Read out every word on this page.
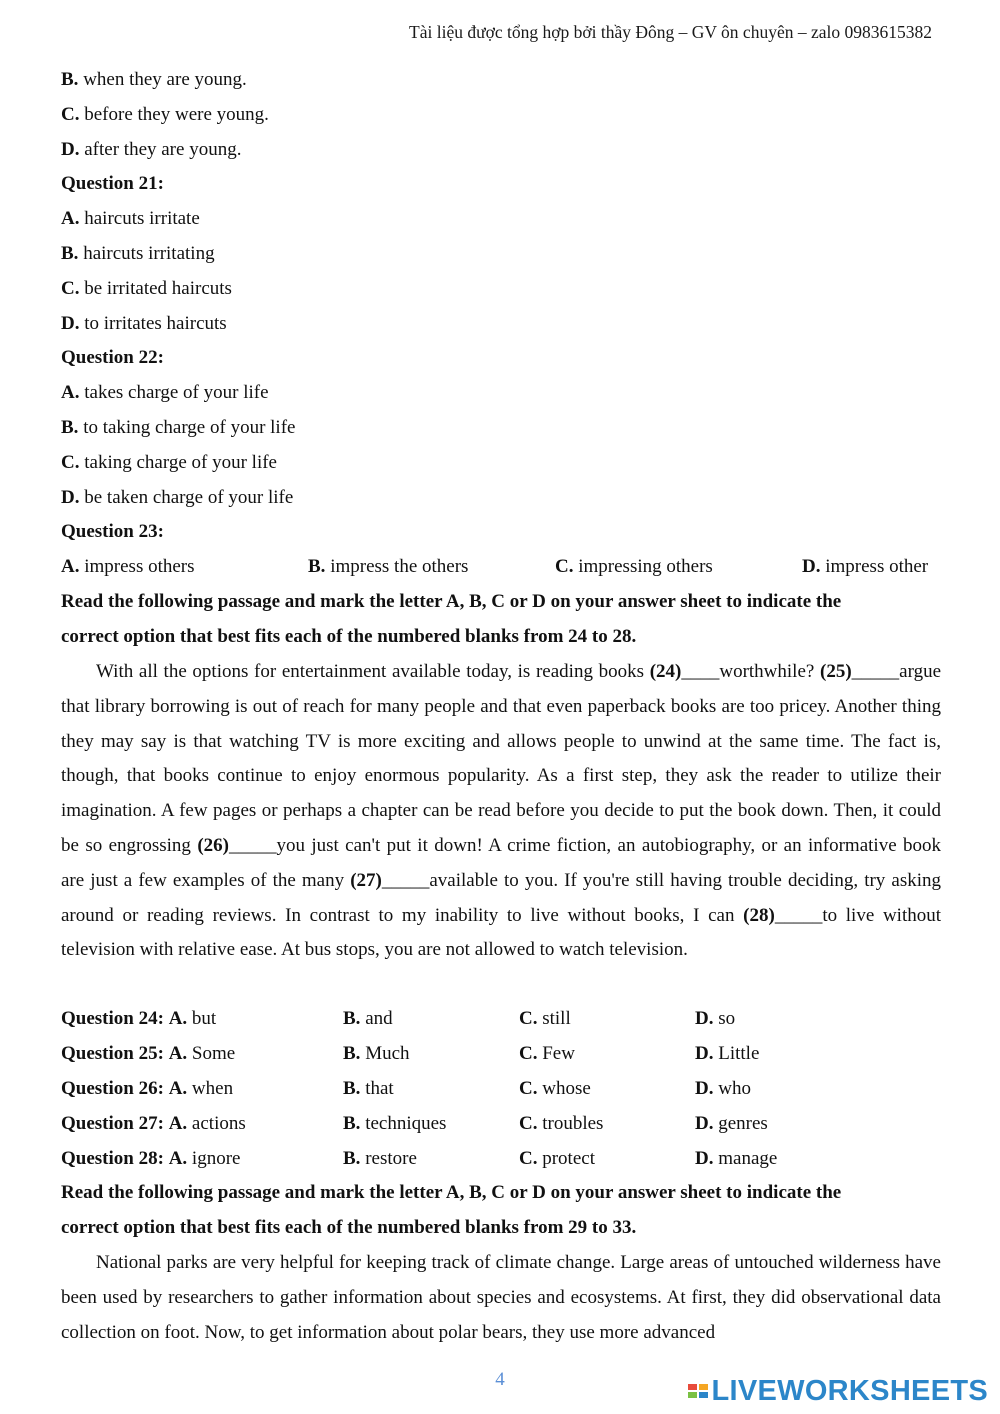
Tài liệu được tổng hợp bởi thầy Đông – GV ôn chuyên – zalo 0983615382
B. when they are young.
C. before they were young.
D. after they are young.
Question 21:
A. haircuts irritate
B. haircuts irritating
C. be irritated haircuts
D. to irritates haircuts
Question 22:
A. takes charge of your life
B. to taking charge of your life
C. taking charge of your life
D. be taken charge of your life
Question 23:
A. impress others	B. impress the others	C. impressing others	D. impress other
Read the following passage and mark the letter A, B, C or D on your answer sheet to indicate the
correct option that best fits each of the numbered blanks from 24 to 28.
With all the options for entertainment available today, is reading books (24)____worthwhile? (25)_____argue that library borrowing is out of reach for many people and that even paperback books are too pricey. Another thing they may say is that watching TV is more exciting and allows people to unwind at the same time. The fact is, though, that books continue to enjoy enormous popularity. As a first step, they ask the reader to utilize their imagination. A few pages or perhaps a chapter can be read before you decide to put the book down. Then, it could be so engrossing (26)_____you just can't put it down! A crime fiction, an autobiography, or an informative book are just a few examples of the many (27)_____available to you. If you're still having trouble deciding, try asking around or reading reviews. In contrast to my inability to live without books, I can (28)_____to live without television with relative ease. At bus stops, you are not allowed to watch television.
Question 24: A. but	B. and	C. still	D. so
Question 25: A. Some	B. Much	C. Few	D. Little
Question 26: A. when	B. that	C. whose	D. who
Question 27: A. actions	B. techniques	C. troubles	D. genres
Question 28: A. ignore	B. restore	C. protect	D. manage
Read the following passage and mark the letter A, B, C or D on your answer sheet to indicate the
correct option that best fits each of the numbered blanks from 29 to 33.
National parks are very helpful for keeping track of climate change. Large areas of untouched wilderness have been used by researchers to gather information about species and ecosystems. At first, they did observational data collection on foot. Now, to get information about polar bears, they use more advanced
4	LIVEWORKSHEETS
